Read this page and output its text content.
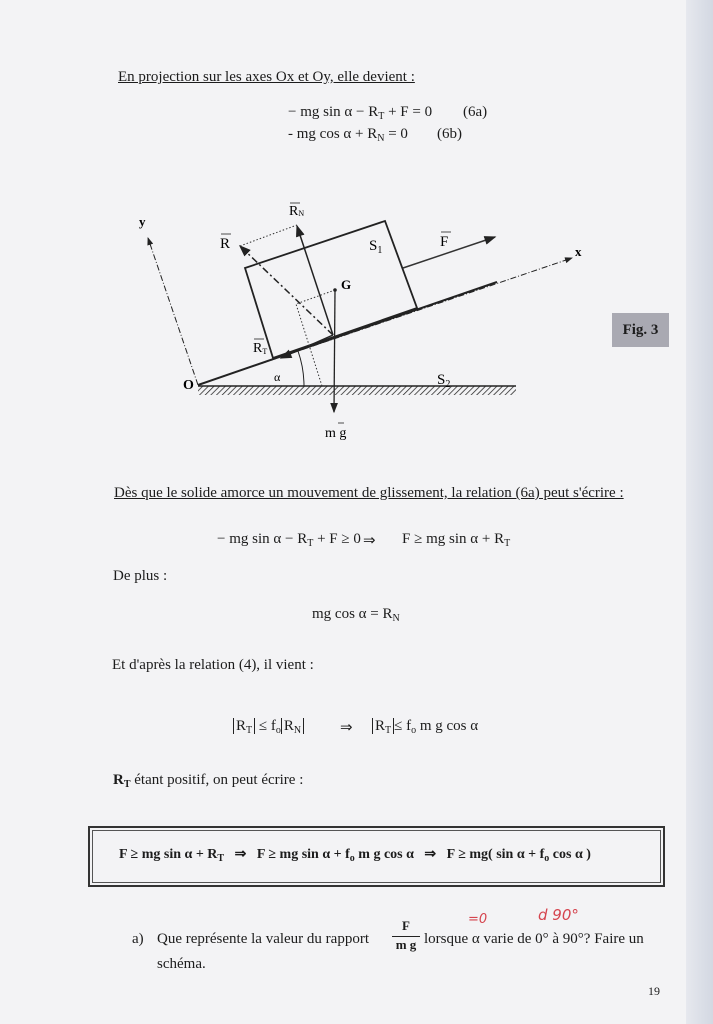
En projection sur les axes Ox et Oy, elle devient :
− mg $\sin \alpha - R_T + F = 0$ (6a)
- mg $\cos \alpha + R_N = 0$ (6b)
y
x
O
G
$S_1$
$S_2$
α
R
RN
RT
F
m g
Fig. 3
Dès que le solide amorce un mouvement de glissement, la relation (6a) peut s'écrire :
− mg $\sin \alpha - R_T + F \ge 0$ ⇒ F ≥ mg $\sin \alpha + R_T$
De plus :
mg $\cos \alpha = R_N$
Et d'après la relation (4), il vient :
$R_T \le f_o$ $R_N$	⇒ $R_T \le f_o$ m g cos α
$R_T$ étant positif, on peut écrire :
F ≥ mg $\sin \alpha + R_T$ ⇒ F ≥ mg $\sin \alpha + f_o$ m g cos α ⇒ F ≥ mg( $\sin \alpha + f_o$ cos α )
=0	d 90°
a) Que représente la valeur du rapport $\frac{F}{\text{m g}}$ lorsque α varie de 0° à 90°? Faire un
schéma.
19
